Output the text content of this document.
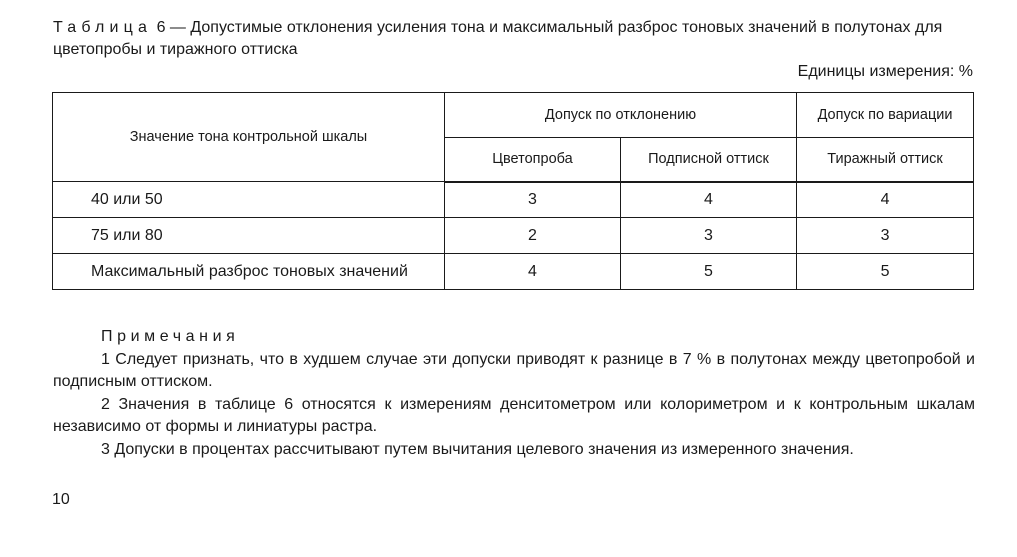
Таблица 6 — Допустимые отклонения усиления тона и максимальный разброс тоновых значений в полутонах для цветопробы и тиражного оттиска
Единицы измерения: %
Значение тона контрольной шкалы	Допуск по отклонению		Допуск по вариации
	Цветопроба	Подписной оттиск	Тиражный оттиск
40 или 50	3	4	4
75 или 80	2	3	3
Максимальный разброс тоновых значений	4	5	5
Примечания

1 Следует признать, что в худшем случае эти допуски приводят к разнице в 7 % в полутонах между цветопробой и подписным оттиском.

2 Значения в таблице 6 относятся к измерениям денситометром или колориметром и к контрольным шкалам независимо от формы и линиатуры растра.

3 Допуски в процентах рассчитывают путем вычитания целевого значения из измеренного значения.

10
